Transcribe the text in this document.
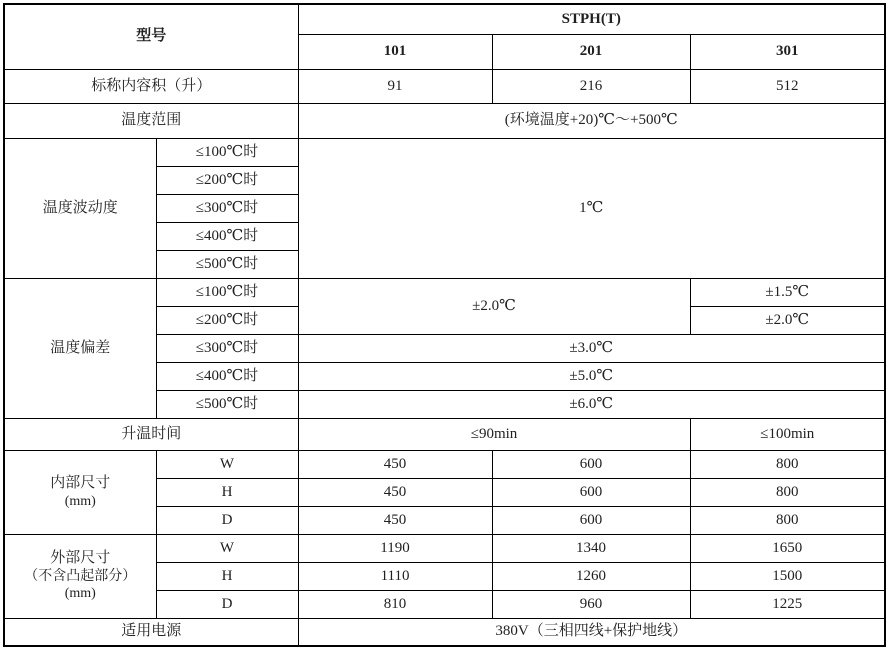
型号		STPH(T)		
		101	201	301
标称内容积（升）		91	216	512
温度范围		(环境温度+20)℃～+500℃		
温度波动度	≤100℃时	1℃		
	≤200℃时			
	≤300℃时			
	≤400℃时			
	≤500℃时			
温度偏差	≤100℃时	±2.0℃		±1.5℃
	≤200℃时			±2.0℃
	≤300℃时	±3.0℃		
	≤400℃时	±5.0℃		
	≤500℃时	±6.0℃		
升温时间		≤90min		≤100min

内部尺寸
(mm)	W	450	600	800
	H	450	600	800
	D	450	600	800

外部尺寸
（不含凸起部分）
(mm)	W	1190	1340	1650
	H	1110	1260	1500
	D	810	960	1225
适用电源		380V（三相四线+保护地线）		
